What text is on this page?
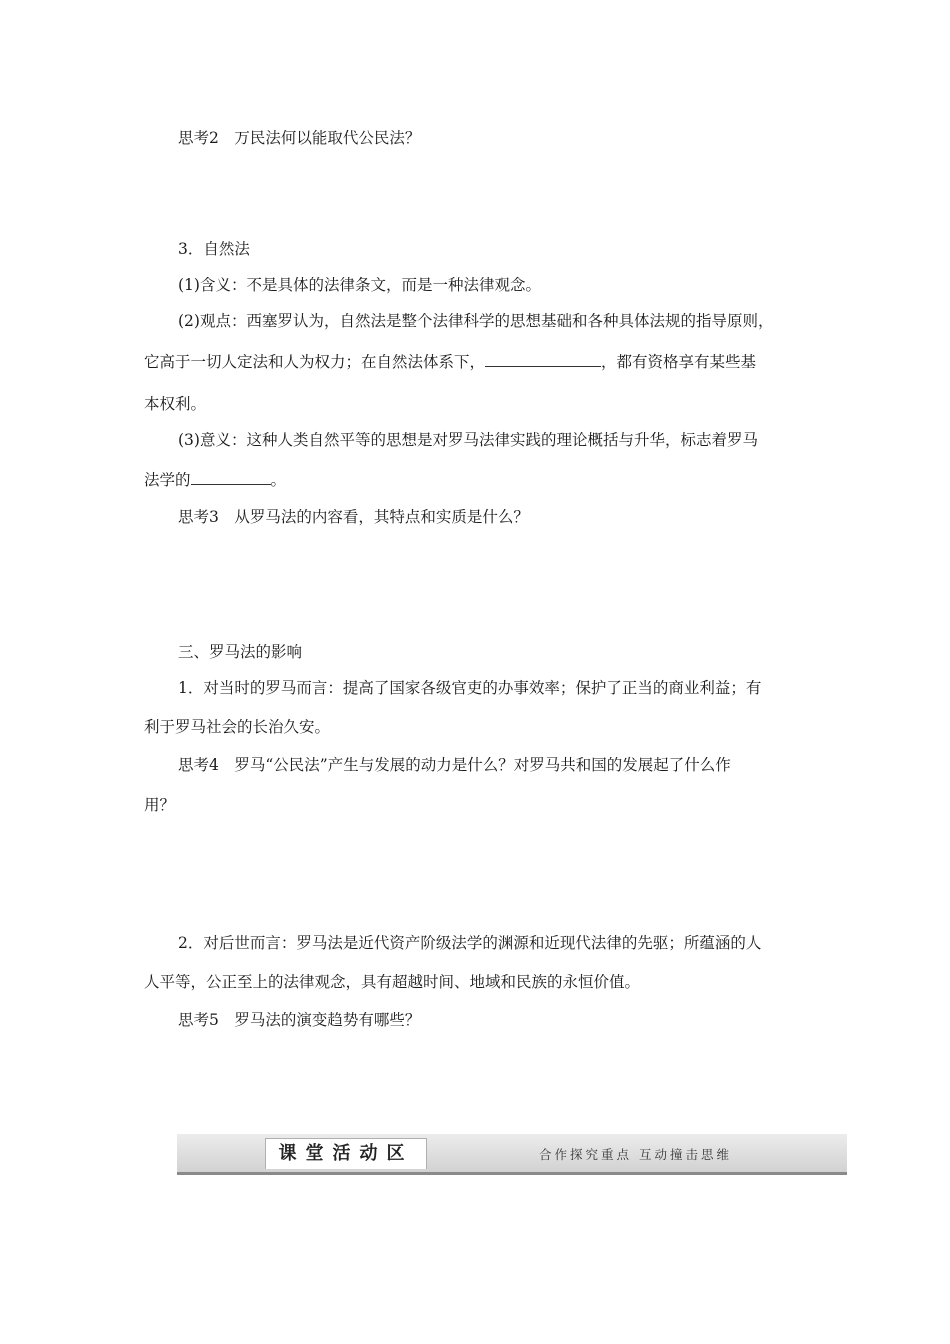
思考2　万民法何以能取代公民法？
3．自然法
(1)含义：不是具体的法律条文，而是一种法律观念。
(2)观点：西塞罗认为，自然法是整个法律科学的思想基础和各种具体法规的指导原则，
它高于一切人定法和人为权力；在自然法体系下，	，都有资格享有某些基
本权利。
(3)意义：这种人类自然平等的思想是对罗马法律实践的理论概括与升华，标志着罗马
法学的	。
思考3　从罗马法的内容看，其特点和实质是什么？
三、罗马法的影响
1．对当时的罗马而言：提高了国家各级官吏的办事效率；保护了正当的商业利益；有
利于罗马社会的长治久安。
思考4　罗马“公民法”产生与发展的动力是什么？对罗马共和国的发展起了什么作
用？
2．对后世而言：罗马法是近代资产阶级法学的渊源和近现代法律的先驱；所蕴涵的人
人平等，公正至上的法律观念，具有超越时间、地域和民族的永恒价值。
思考5　罗马法的演变趋势有哪些？
课堂活动区	合作探究重点 互动撞击思维
